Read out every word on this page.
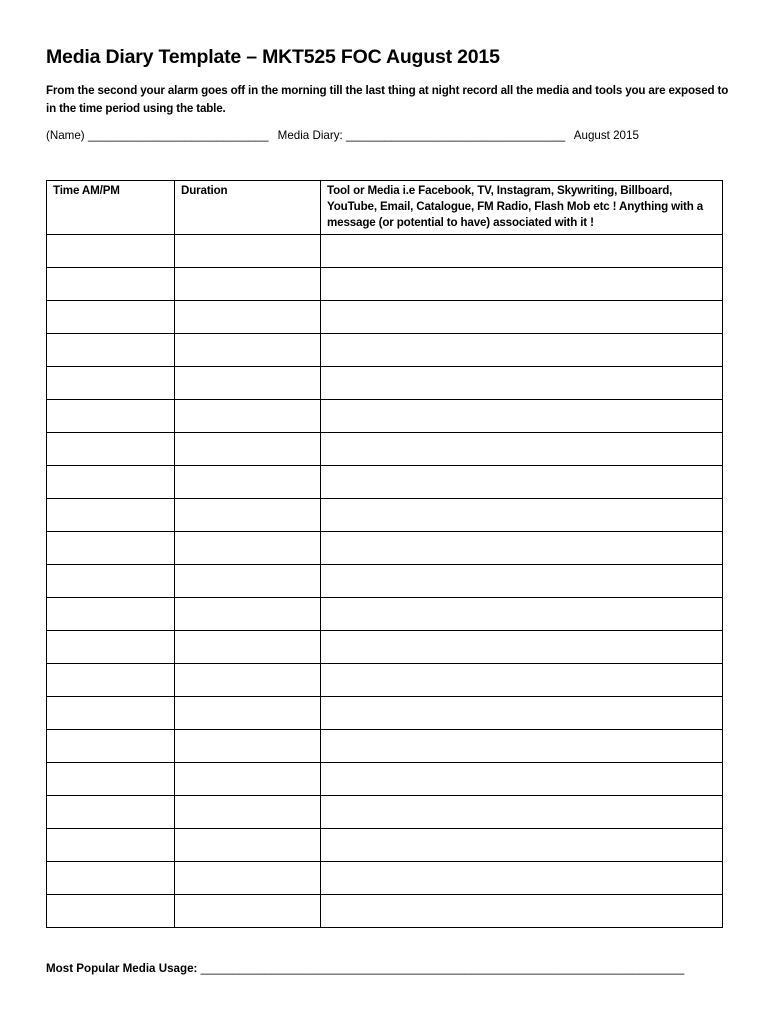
Media Diary Template – MKT525 FOC August 2015
From the second your alarm goes off in the morning till the last thing at night record all the media and tools you are exposed to in the time period using the table.
(Name) ____________________________ Media Diary: __________________________________ August 2015
Time AM/PM	Duration	Tool or Media i.e Facebook, TV, Instagram, Skywriting, Billboard, YouTube, Email, Catalogue, FM Radio, Flash Mob etc ! Anything with a message (or potential to have) associated with it !

Most Popular Media Usage: ___________________________________________________________________________
